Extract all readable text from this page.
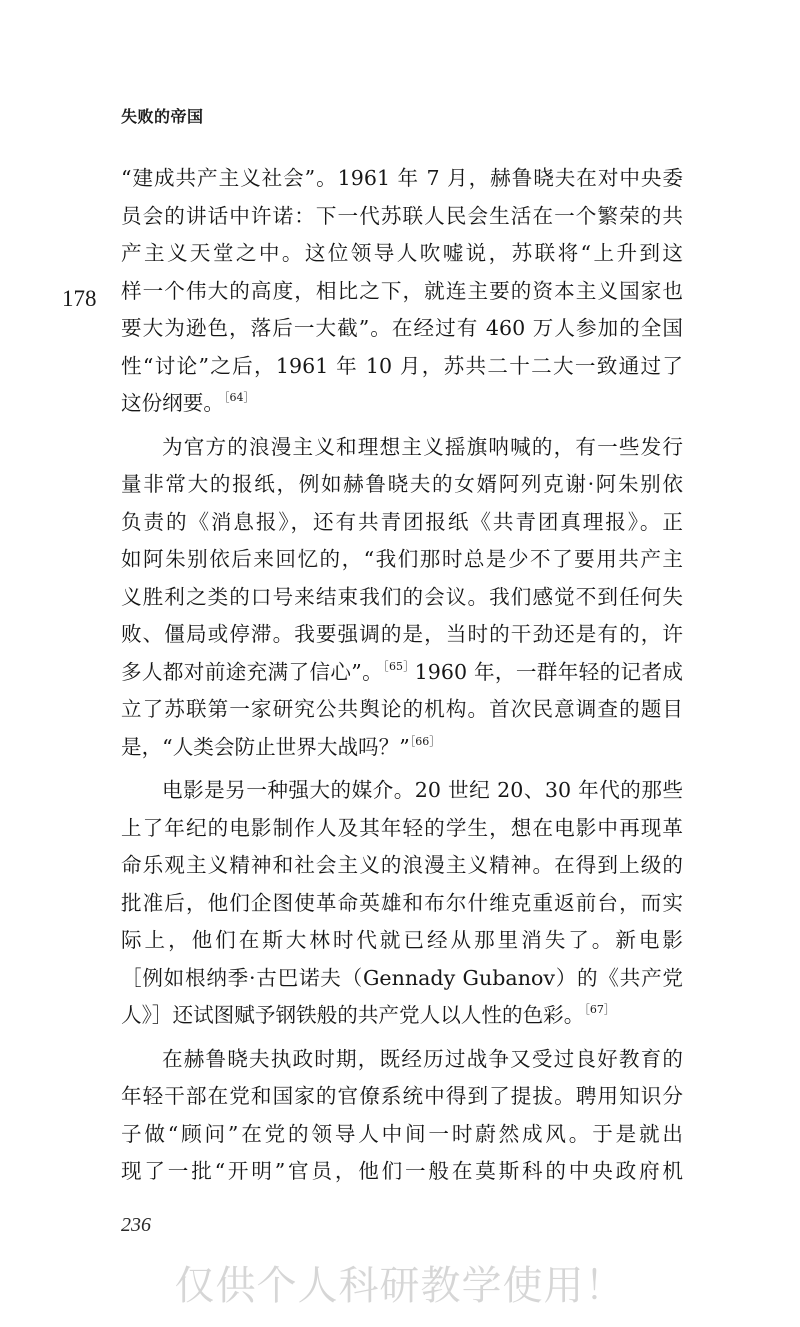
失败的帝国
178
“建成共产主义社会”。1961 年 7 月，赫鲁晓夫在对中央委
员会的讲话中许诺：下一代苏联人民会生活在一个繁荣的共
产主义天堂之中。这位领导人吹嘘说，苏联将“上升到这
样一个伟大的高度，相比之下，就连主要的资本主义国家也
要大为逊色，落后一大截”。在经过有 460 万人参加的全国
性“讨论”之后，1961 年 10 月，苏共二十二大一致通过了
这份纲要。$^{[64]}$
为官方的浪漫主义和理想主义摇旗呐喊的，有一些发行
量非常大的报纸，例如赫鲁晓夫的女婿阿列克谢·阿朱别依
负责的《消息报》，还有共青团报纸《共青团真理报》。正
如阿朱别依后来回忆的，“我们那时总是少不了要用共产主
义胜利之类的口号来结束我们的会议。我们感觉不到任何失
败、僵局或停滞。我要强调的是，当时的干劲还是有的，许
多人都对前途充满了信心”。$^{[65]}$1960 年，一群年轻的记者成
立了苏联第一家研究公共舆论的机构。首次民意调查的题目
是，“人类会防止世界大战吗？”$^{[66]}$
电影是另一种强大的媒介。20 世纪 20、30 年代的那些
上了年纪的电影制作人及其年轻的学生，想在电影中再现革
命乐观主义精神和社会主义的浪漫主义精神。在得到上级的
批准后，他们企图使革命英雄和布尔什维克重返前台，而实
际上，他们在斯大林时代就已经从那里消失了。新电影
［例如根纳季·古巴诺夫（Gennady Gubanov）的《共产党
人》］还试图赋予钢铁般的共产党人以人性的色彩。$^{[67]}$
在赫鲁晓夫执政时期，既经历过战争又受过良好教育的
年轻干部在党和国家的官僚系统中得到了提拔。聘用知识分
子做“顾问”在党的领导人中间一时蔚然成风。于是就出
现了一批“开明”官员，他们一般在莫斯科的中央政府机
236
仅供个人科研教学使用！
